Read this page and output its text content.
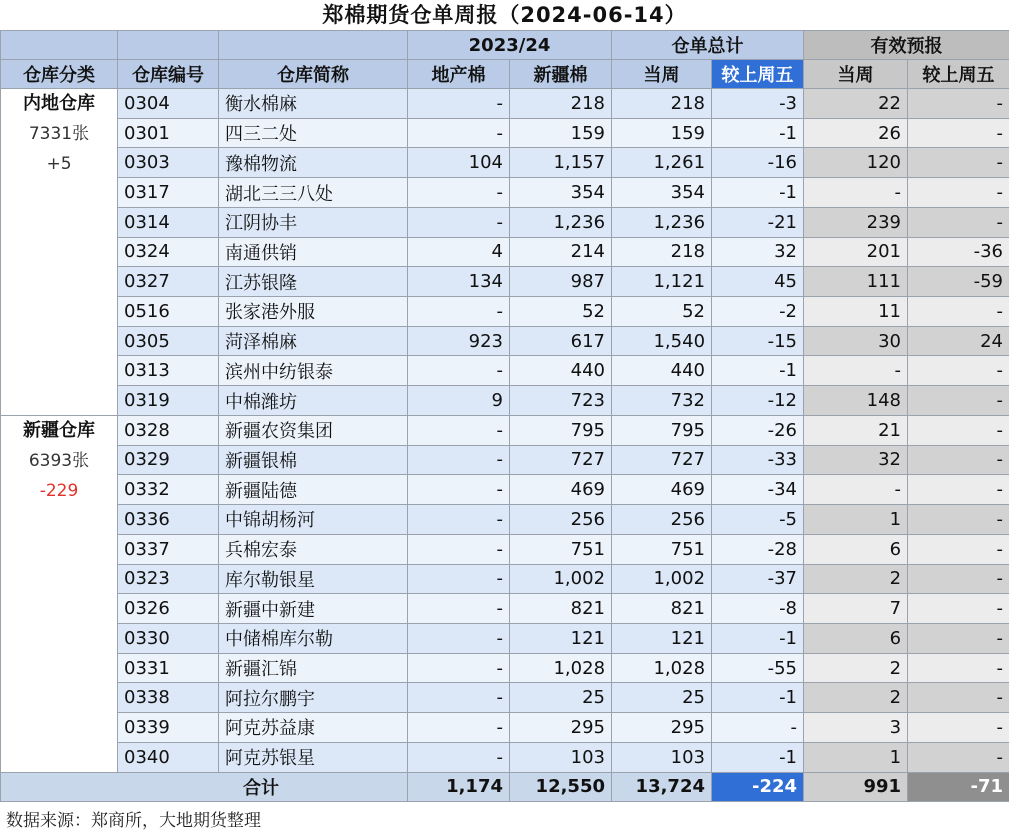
郑棉期货仓单周报（2024-06-14）
			2023/24		仓单总计		有效预报	
仓库分类	仓库编号	仓库简称	地产棉	新疆棉	当周	较上周五	当周	较上周五

内地仓库
7331张
+5	0304	衡水棉麻	-	218	218	-3	22	-
	0301	四三二处	-	159	159	-1	26	-
	0303	豫棉物流	104	1,157	1,261	-16	120	-
	0317	湖北三三八处	-	354	354	-1	-	-
	0314	江阴协丰	-	1,236	1,236	-21	239	-
	0324	南通供销	4	214	218	32	201	-36
	0327	江苏银隆	134	987	1,121	45	111	-59
	0516	张家港外服	-	52	52	-2	11	-
	0305	菏泽棉麻	923	617	1,540	-15	30	24
	0313	滨州中纺银泰	-	440	440	-1	-	-
	0319	中棉潍坊	9	723	732	-12	148	-

新疆仓库
6393张
-229	0328	新疆农资集团	-	795	795	-26	21	-
	0329	新疆银棉	-	727	727	-33	32	-
	0332	新疆陆德	-	469	469	-34	-	-
	0336	中锦胡杨河	-	256	256	-5	1	-
	0337	兵棉宏泰	-	751	751	-28	6	-
	0323	库尔勒银星	-	1,002	1,002	-37	2	-
	0326	新疆中新建	-	821	821	-8	7	-
	0330	中储棉库尔勒	-	121	121	-1	6	-
	0331	新疆汇锦	-	1,028	1,028	-55	2	-
	0338	阿拉尔鹏宇	-	25	25	-1	2	-
	0339	阿克苏益康	-	295	295	-	3	-
	0340	阿克苏银星	-	103	103	-1	1	-
合计			1,174	12,550	13,724	-224	991	-71
数据来源：郑商所，大地期货整理
